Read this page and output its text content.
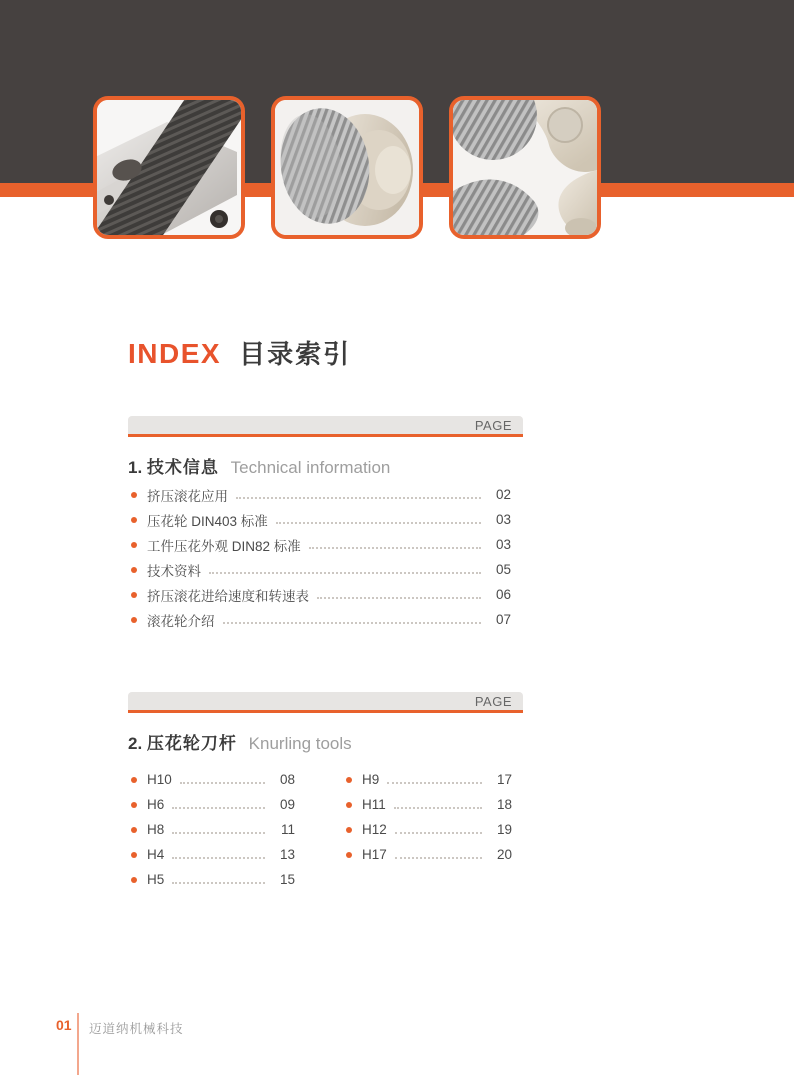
INDEX 目录索引
PAGE
1. 技术信息 Technical information
挤压滚花应用	02
压花轮 DIN403 标准	03
工件压花外观 DIN82 标准	03
技术资料	05
挤压滚花进给速度和转速表	06
滚花轮介绍	07
PAGE
2. 压花轮刀杆 Knurling tools
H10	08
H6	09
H8	11
H4	13
H5	15
H9	17
H11	18
H12	19
H17	20
01 迈道纳机械科技
